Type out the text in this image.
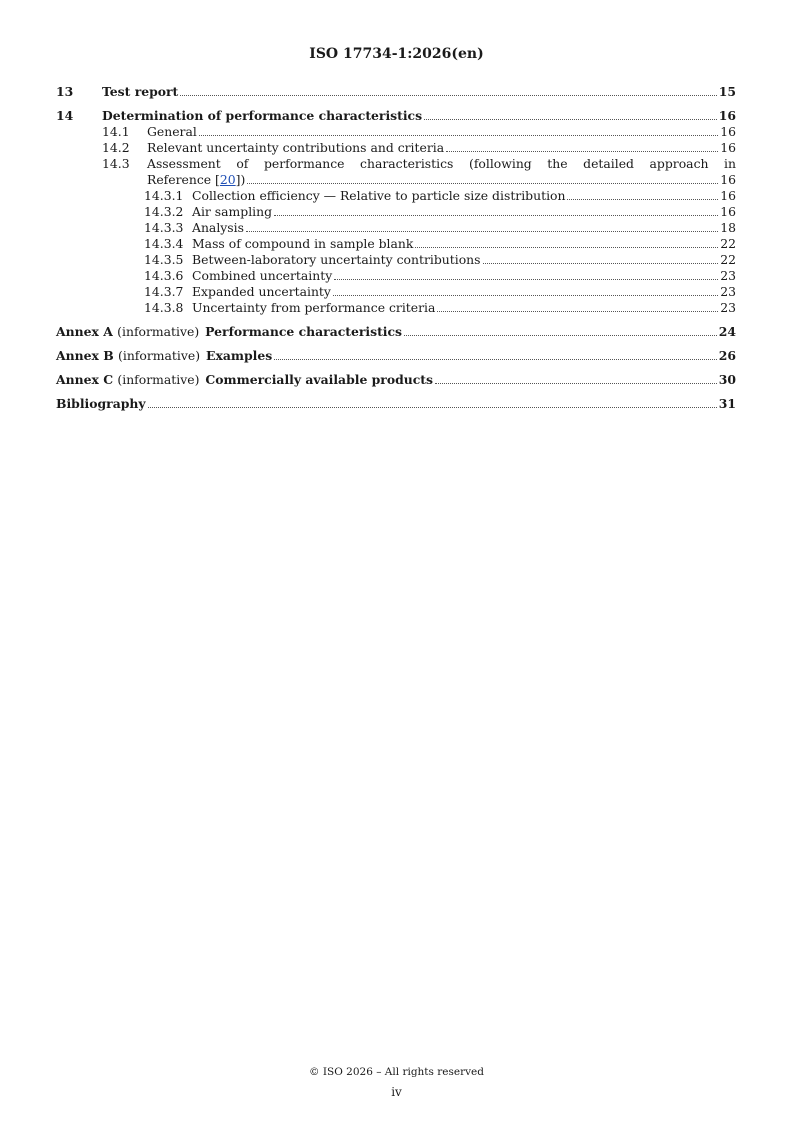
ISO 17734-1:2026(en)
13	Test report	15
14	Determination of performance characteristics	16
14.1	General	16
14.2	Relevant uncertainty contributions and criteria	16
14.3	Assessment of performance characteristics (following the detailed approach in
Reference [20])	16
14.3.1 Collection efficiency — Relative to particle size distribution	16
14.3.2 Air sampling	16
14.3.3 Analysis	18
14.3.4 Mass of compound in sample blank	22
14.3.5 Between-laboratory uncertainty contributions	22
14.3.6 Combined uncertainty	23
14.3.7 Expanded uncertainty	23
14.3.8 Uncertainty from performance criteria	23
Annex A (informative) Performance characteristics	24
Annex B (informative) Examples	26
Annex C (informative) Commercially available products	30
Bibliography	31
© ISO 2026 – All rights reserved
iv
